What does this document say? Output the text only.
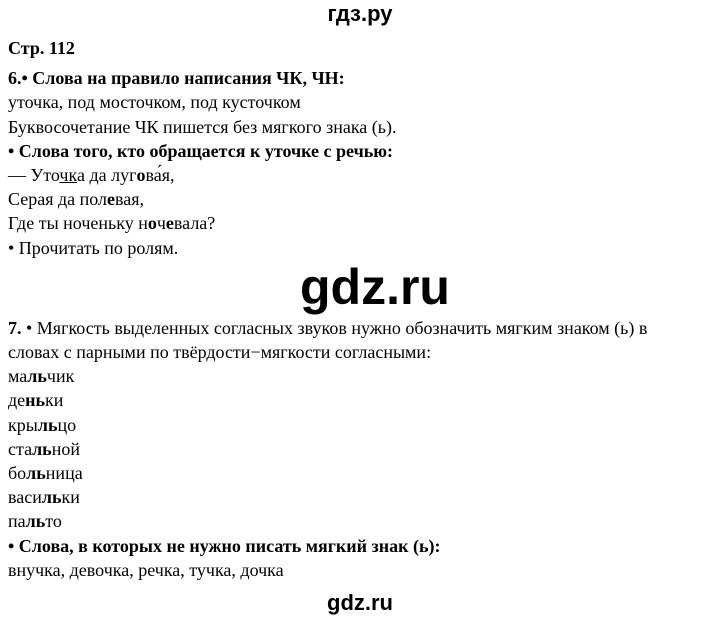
гдз.ру
Стр. 112
6.• Слова на правило написания ЧК, ЧН:
уточка, под мосточком, под кусточком
Буквосочетание ЧК пишется без мягкого знака (ь).
• Слова того, кто обращается к уточке с речью:
— Уточка да лугова́я,
Серая да полевая,
Где ты ноченьку ночевала?
• Прочитать по ролям.
gdz.ru
7. • Мягкость выделенных согласных звуков нужно обозначить мягким знаком (ь) в
словах с парными по твёрдости−мягкости согласными:
мальчик
деньки
крыльцо
стальной
больница
васильки
пальто
• Слова, в которых не нужно писать мягкий знак (ь):
внучка, девочка, речка, тучка, дочка
gdz.ru
